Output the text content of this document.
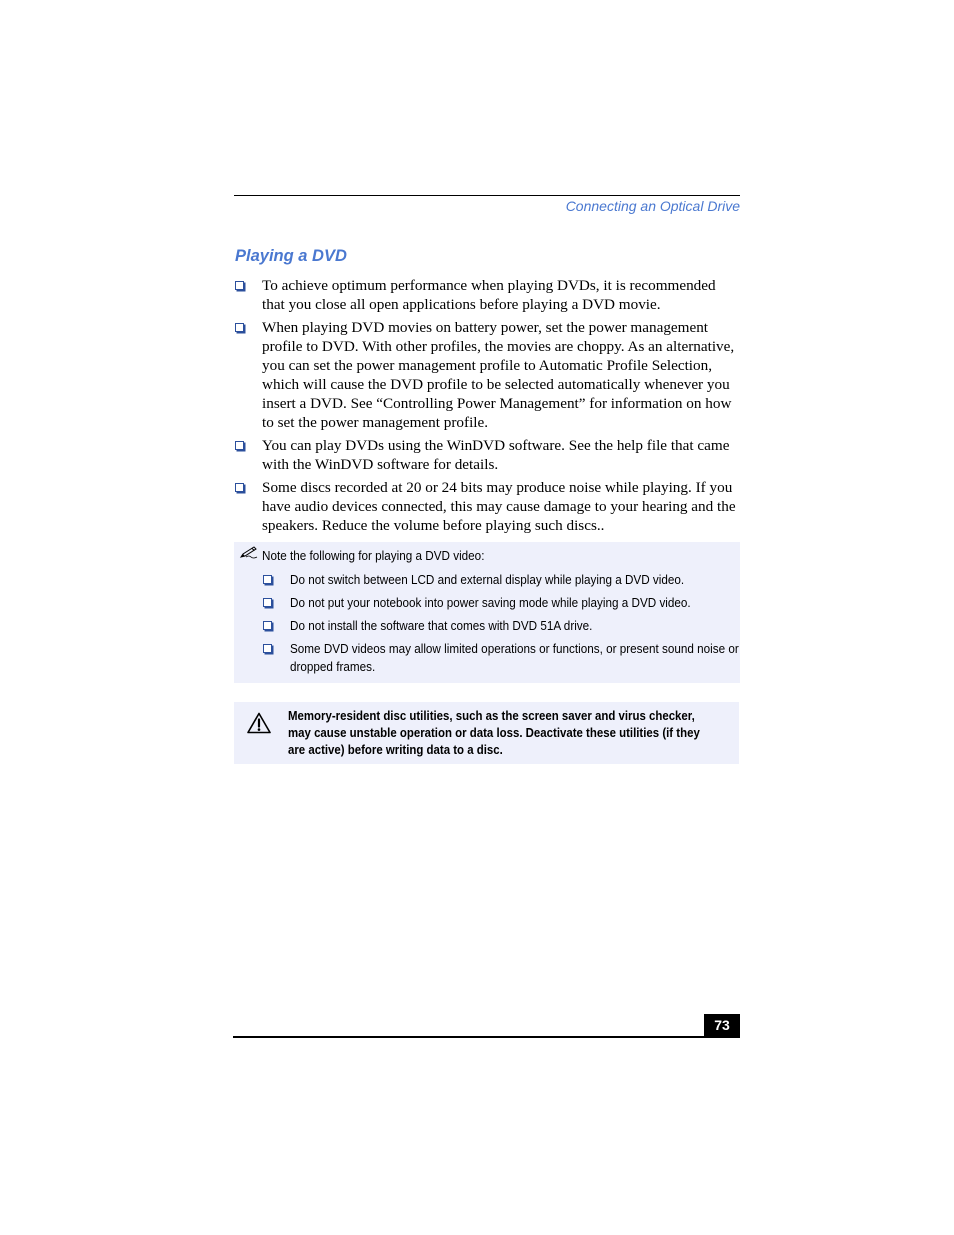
Connecting an Optical Drive
Playing a DVD
To achieve optimum performance when playing DVDs, it is recommended that you close all open applications before playing a DVD movie.
When playing DVD movies on battery power, set the power management profile to DVD. With other profiles, the movies are choppy. As an alternative, you can set the power management profile to Automatic Profile Selection, which will cause the DVD profile to be selected automatically whenever you insert a DVD. See “Controlling Power Management” for information on how to set the power management profile.
You can play DVDs using the WinDVD software. See the help file that came with the WinDVD software for details.
Some discs recorded at 20 or 24 bits may produce noise while playing. If you have audio devices connected, this may cause damage to your hearing and the speakers. Reduce the volume before playing such discs..
Note the following for playing a DVD video:
Do not switch between LCD and external display while playing a DVD video.
Do not put your notebook into power saving mode while playing a DVD video.
Do not install the software that comes with DVD 51A drive.
Some DVD videos may allow limited operations or functions, or present sound noise or dropped frames.
Memory-resident disc utilities, such as the screen saver and virus checker, may cause unstable operation or data loss. Deactivate these utilities (if they are active) before writing data to a disc.
73
